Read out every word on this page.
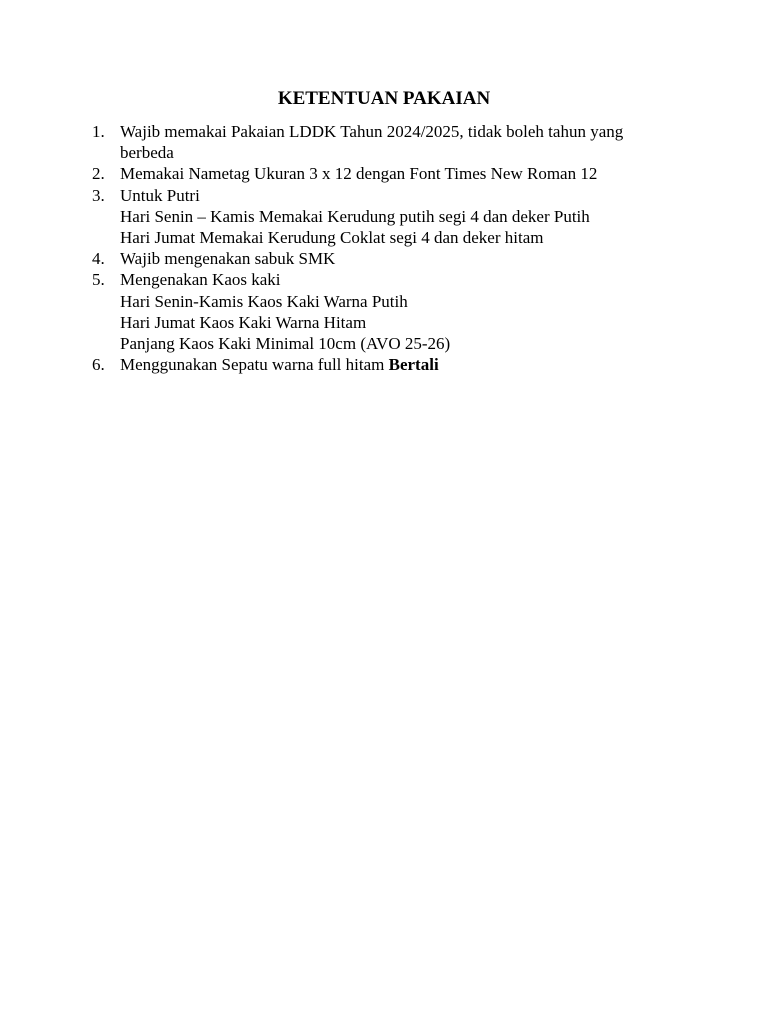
KETENTUAN PAKAIAN
1. Wajib memakai Pakaian LDDK Tahun 2024/2025, tidak boleh tahun yang
berbeda
2. Memakai Nametag Ukuran 3 x 12 dengan Font Times New Roman 12
3. Untuk Putri
Hari Senin – Kamis Memakai Kerudung putih segi 4 dan deker Putih
Hari Jumat Memakai Kerudung Coklat segi 4 dan deker hitam
4. Wajib mengenakan sabuk SMK
5. Mengenakan Kaos kaki
Hari Senin-Kamis Kaos Kaki Warna Putih
Hari Jumat Kaos Kaki Warna Hitam
Panjang Kaos Kaki Minimal 10cm (AVO 25-26)
6. Menggunakan Sepatu warna full hitam Bertali
